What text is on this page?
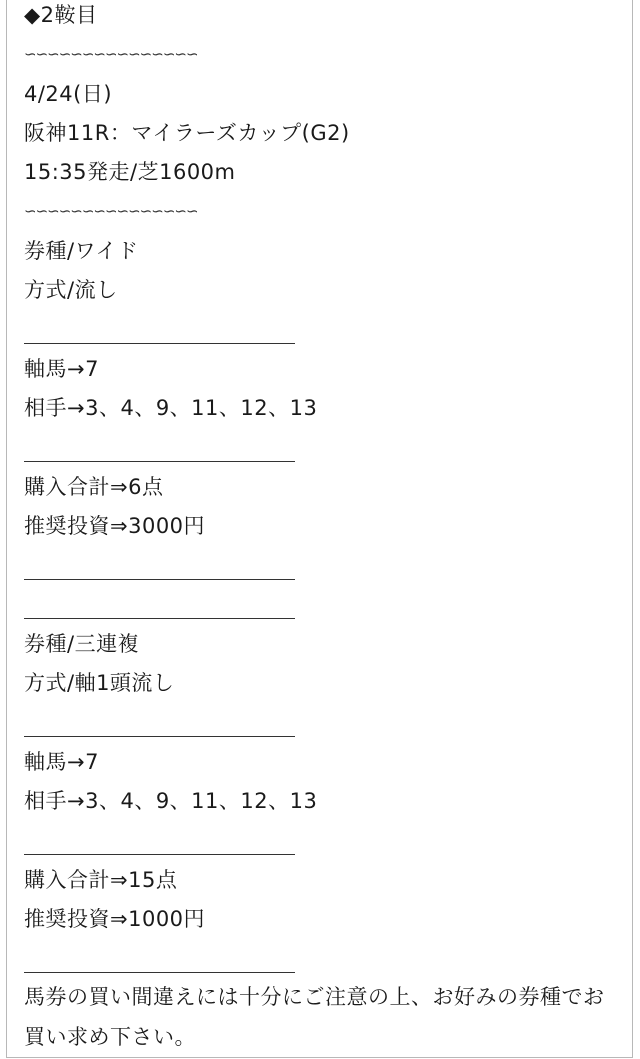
◆2鞍目
∽∽∽∽∽∽∽∽∽∽∽∽∽∽∽
4/24(日)
阪神11R：マイラーズカップ(G2)
15:35発走/芝1600m
∽∽∽∽∽∽∽∽∽∽∽∽∽∽∽
券種/ワイド
方式/流し
軸馬→7
相手→3、4、9、11、12、13
購入合計⇒6点
推奨投資⇒3000円
券種/三連複
方式/軸1頭流し
軸馬→7
相手→3、4、9、11、12、13
購入合計⇒15点
推奨投資⇒1000円
馬券の買い間違えには十分にご注意の上、お好みの券種でお買い求め下さい。
